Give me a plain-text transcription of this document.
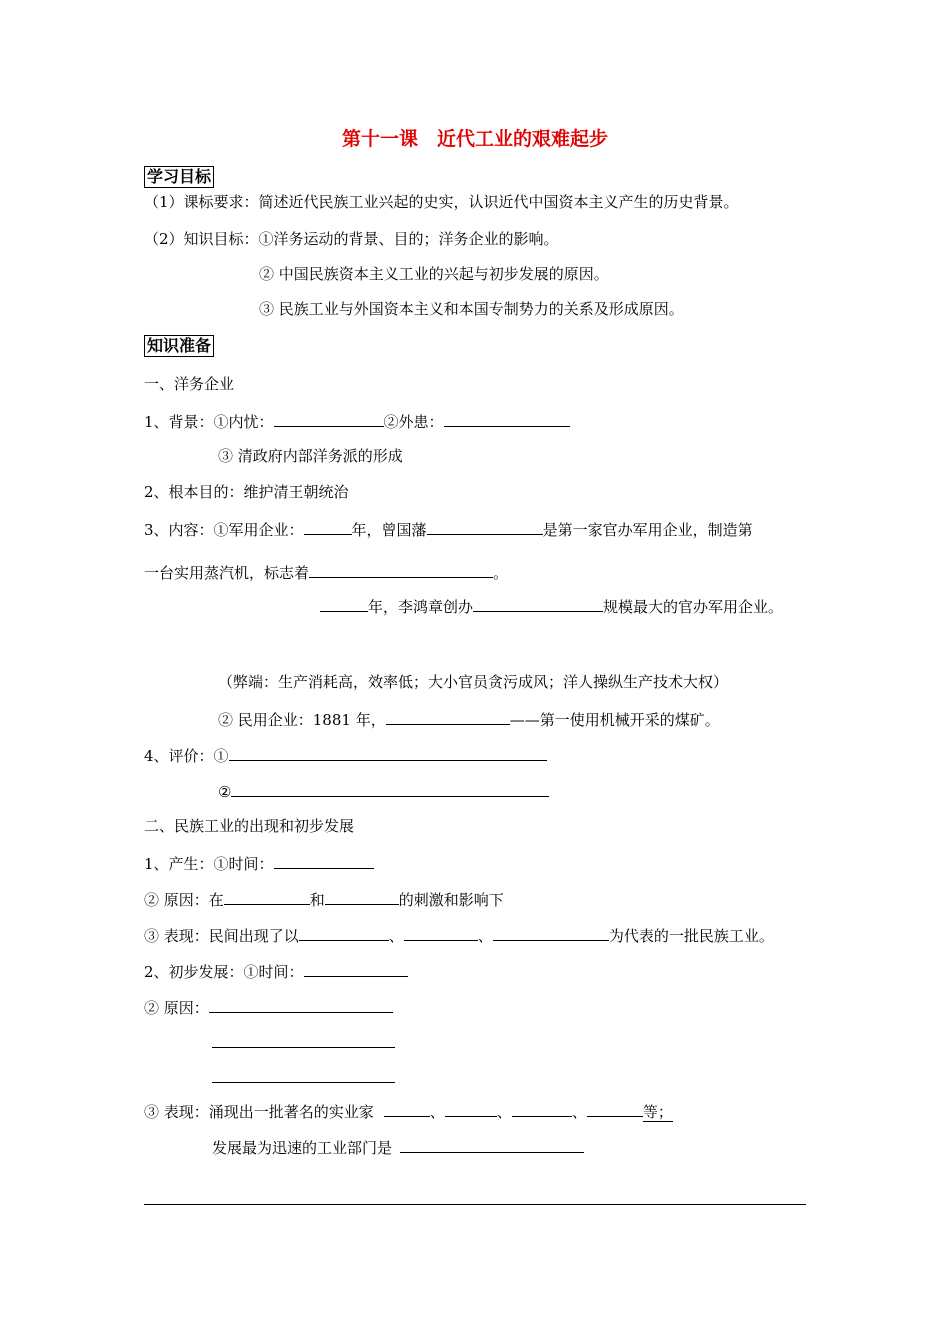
第十一课　近代工业的艰难起步
学习目标
（1）课标要求：简述近代民族工业兴起的史实，认识近代中国资本主义产生的历史背景。
（2）知识目标：①洋务运动的背景、目的；洋务企业的影响。
② 中国民族资本主义工业的兴起与初步发展的原因。
③ 民族工业与外国资本主义和本国专制势力的关系及形成原因。
知识准备
一、洋务企业
1、背景：①内忧：	②外患：
③ 清政府内部洋务派的形成
2、根本目的：维护清王朝统治
3、内容：①军用企业：	年，曾国藩	是第一家官办军用企业，制造第
一台实用蒸汽机，标志着	。
年，李鸿章创办	规模最大的官办军用企业。
（弊端：生产消耗高，效率低；大小官员贪污成风；洋人操纵生产技术大权）
② 民用企业：1881 年，	——第一使用机械开采的煤矿。
4、评价：①
②
二、民族工业的出现和初步发展
1、产生：①时间：
② 原因：在	和	的刺激和影响下
③ 表现：民间出现了以	、	、	为代表的一批民族工业。
2、初步发展：①时间：
② 原因：
③ 表现：涌现出一批著名的实业家	、	、	、	等；
发展最为迅速的工业部门是
